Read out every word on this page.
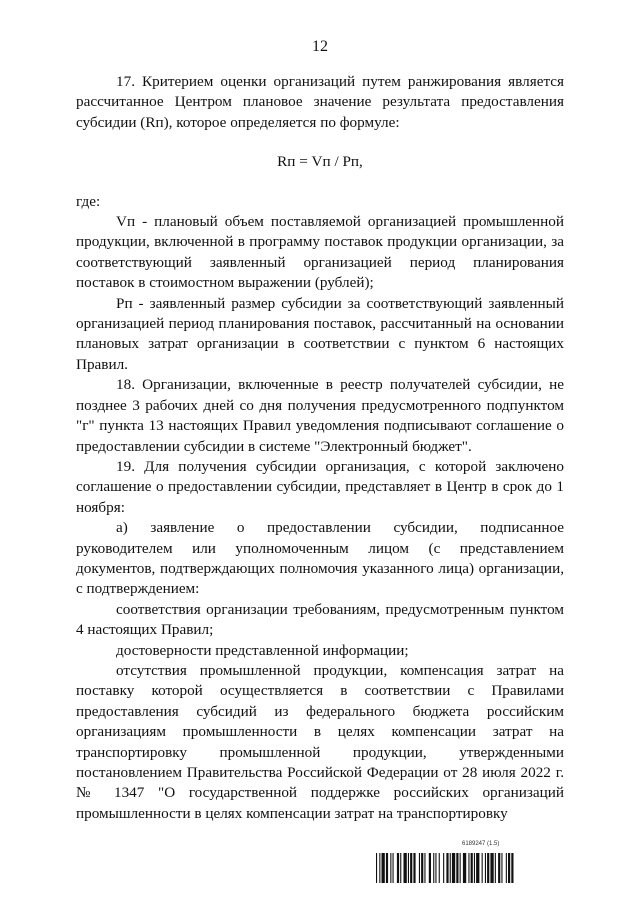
12

17. Критерием оценки организаций путем ранжирования является рассчитанное Центром плановое значение результата предоставления субсидии (Rп), которое определяется по формуле:

Rп = Vп / Рп,

где:

Vп - плановый объем поставляемой организацией промышленной продукции, включенной в программу поставок продукции организации, за соответствующий заявленный организацией период планирования поставок в стоимостном выражении (рублей);

Рп - заявленный размер субсидии за соответствующий заявленный организацией период планирования поставок, рассчитанный на основании плановых затрат организации в соответствии с пунктом 6 настоящих Правил.

18. Организации, включенные в реестр получателей субсидии, не позднее 3 рабочих дней со дня получения предусмотренного подпунктом "г" пункта 13 настоящих Правил уведомления подписывают соглашение о предоставлении субсидии в системе "Электронный бюджет".

19. Для получения субсидии организация, с которой заключено соглашение о предоставлении субсидии, представляет в Центр в срок до 1 ноября:

а) заявление о предоставлении субсидии, подписанное руководителем или уполномоченным лицом (с представлением документов, подтверждающих полномочия указанного лица) организации, с подтверждением:

соответствия организации требованиям, предусмотренным пунктом 4 настоящих Правил;

достоверности представленной информации;

отсутствия промышленной продукции, компенсация затрат на поставку которой осуществляется в соответствии с Правилами предоставления субсидий из федерального бюджета российским организациям промышленности в целях компенсации затрат на транспортировку промышленной продукции, утвержденными постановлением Правительства Российской Федерации от 28 июля 2022 г. № 1347 "О государственной поддержке российских организаций промышленности в целях компенсации затрат на транспортировку

6189247 (1.5)
